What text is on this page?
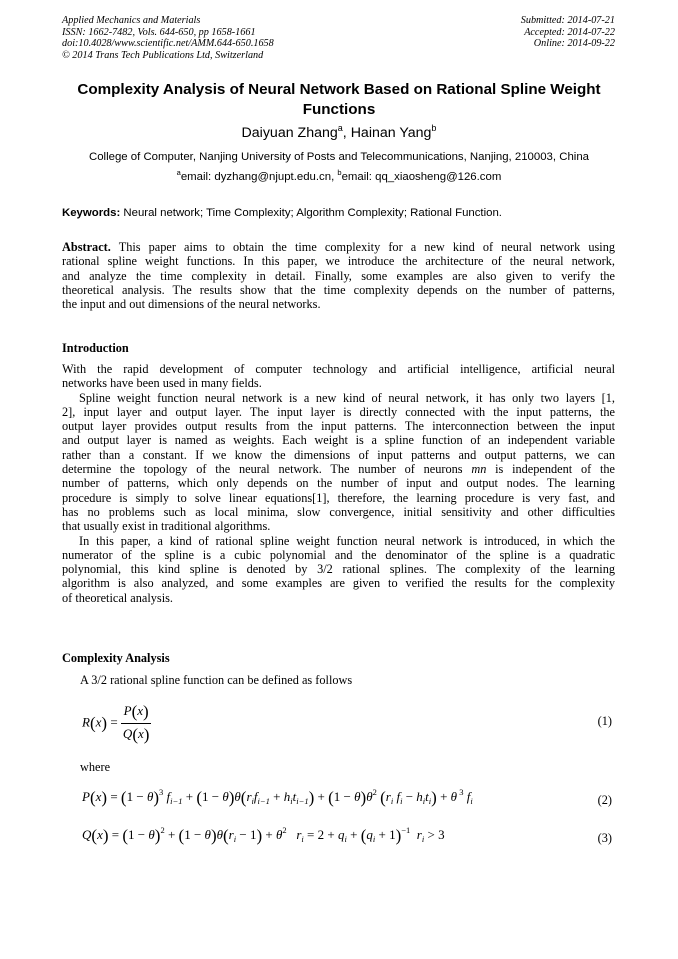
Applied Mechanics and Materials
ISSN: 1662-7482, Vols. 644-650, pp 1658-1661
doi:10.4028/www.scientific.net/AMM.644-650.1658
© 2014 Trans Tech Publications Ltd, Switzerland
Submitted: 2014-07-21
Accepted: 2014-07-22
Online: 2014-09-22
Complexity Analysis of Neural Network Based on Rational Spline Weight
Functions
Daiyuan Zhang$^a$, Hainan Yang$^b$
College of Computer, Nanjing University of Posts and Telecommunications, Nanjing, 210003, China
$^a$email: dyzhang@njupt.edu.cn, $^b$email: qq_xiaosheng@126.com
Keywords: Neural network; Time Complexity; Algorithm Complexity; Rational Function.
Abstract. This paper aims to obtain the time complexity for a new kind of neural network using
rational spline weight functions. In this paper, we introduce the architecture of the neural network,
and analyze the time complexity in detail. Finally, some examples are also given to verify the
theoretical analysis. The results show that the time complexity depends on the number of patterns,
the input and out dimensions of the neural networks.
Introduction
With the rapid development of computer technology and artificial intelligence, artificial neural
networks have been used in many fields.
Spline weight function neural network is a new kind of neural network, it has only two layers [1,
2], input layer and output layer. The input layer is directly connected with the input patterns, the
output layer provides output results from the input patterns. The interconnection between the input
and output layer is named as weights. Each weight is a spline function of an independent variable
rather than a constant. If we know the dimensions of input patterns and output patterns, we can
determine the topology of the neural network. The number of neurons mn is independent of the
number of patterns, which only depends on the number of input and output nodes. The learning
procedure is simply to solve linear equations[1], therefore, the learning procedure is very fast, and
has no problems such as local minima, slow convergence, initial sensitivity and other difficulties
that usually exist in traditional algorithms.
In this paper, a kind of rational spline weight function neural network is introduced, in which the
numerator of the spline is a cubic polynomial and the denominator of the spline is a quadratic
polynomial, this kind spline is denoted by 3/2 rational splines. The complexity of the learning
algorithm is also analyzed, and some examples are given to verified the results for the complexity
of theoretical analysis.
Complexity Analysis
A 3/2 rational spline function can be defined as follows
$R(x) = \frac{P(x)}{Q(x)}$	(1)
where
$P(x) = (1 - \theta)^3$ $f_{i-1} + (1 - \theta)\theta(r_if_{i-1} + h_it_{i-1}) + (1 - \theta)\theta^2$ ($r_i$ $f_i - h_it_i) + \theta$ $^3$ $f_i$	(2)
$Q(x) = (1 - \theta)^2 + (1 - \theta)\theta(r_i - 1) + \theta^2$ $r_i = 2 + q_i + (q_i + 1)^{-1}$ $r_i > 3$	(3)
